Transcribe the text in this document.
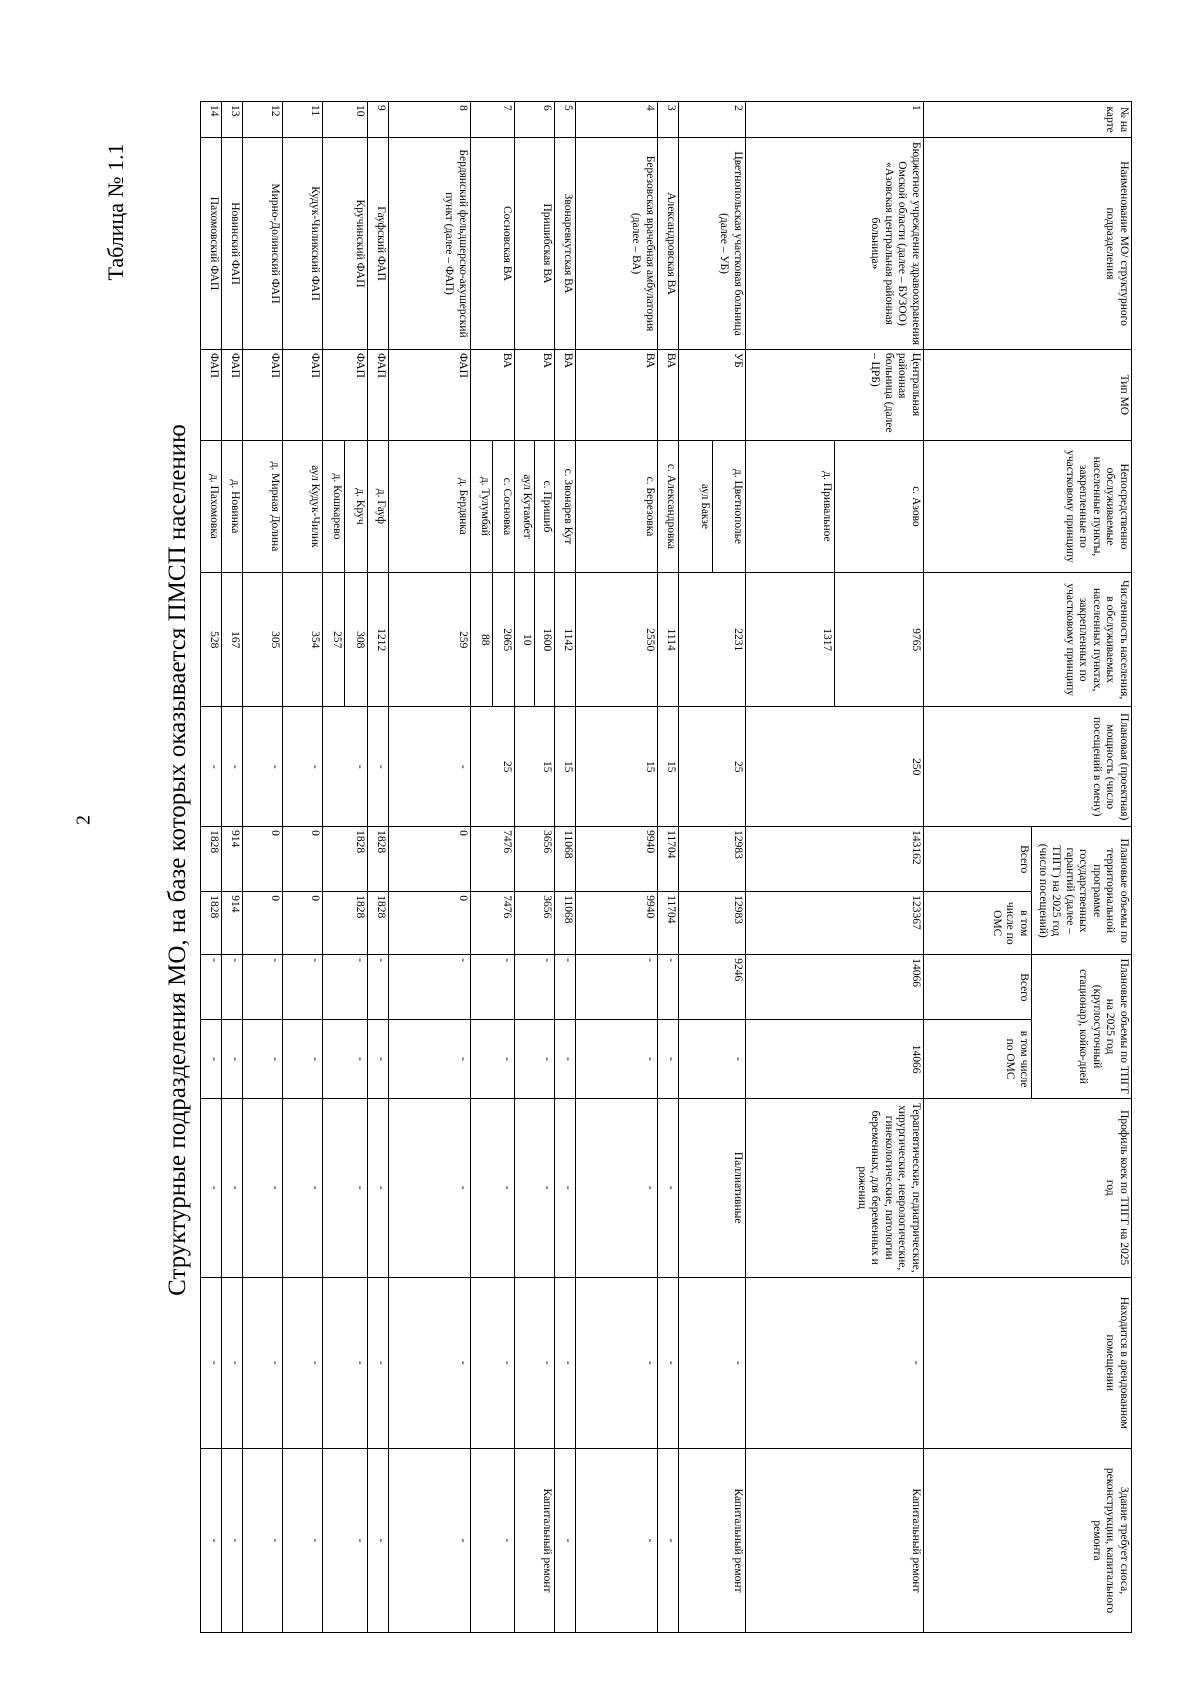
2
Таблица № 1.1
Структурные подразделения МО, на базе которых оказывается ПМСП населению
№ на карте	Наименование МО/ структурного подразделения	Тип МО	Непосредственно обслуживаемые населенные пункты, закрепленные по участковому принципу	Численность населения, в обслуживаемых населенных пунктах, закрепленных по участковому принципу	Плановая (проектная) мощность (число посещений в смену)	Плановые объемы по территориальной программе государственных гарантий (далее – ТПГГ) на 2025 год (число посещений)		Плановые объемы по ТПГГ на 2025 год (круглосуточный стационар), койко-дней		Профиль коек по ТПГГ на 2025 год	Находится в арендованном помещении	Здание требует сноса, реконструкции, капитального ремонта
						Всего	в том числе по ОМС	Всего	в том числе по ОМС			
1	Бюджетное учреждение здравоохранения Омской области (далее – БУЗОО) «Азовская центральная районная больница»	Центральная районная больница (далее – ЦРБ)	с. Азово	9765	250	143162	123367	14066	14066	Терапевтические, педиатрические, хирургические, неврологические, гинекологические, патологии беременных, для беременных и рожениц	-	Капитальный ремонт
			д. Привальное	1317								
2	Цветнопольская участковая больница (далее – УБ)	УБ	д. Цветнополье	2231	25	12983	12983	9246	-	Паллиативные	-	Капитальный ремонт
			аул Бакзе									
3	Александровская ВА	ВА	с. Александровка	1114	15	11704	11704	-	-	-	-	-
4	Березовская врачебная амбулатория (далее – ВА)	ВА	с. Березовка	2550	15	9940	9940	-	-	-	-	-
5	Звонаревкутская ВА	ВА	с. Звонарев Кут	1142	15	11068	11068	-	-	-	-	-
6	Пришибская ВА	ВА	с. Пришиб	1600	15	3656	3656	-	-	-	-	Капитальный ремонт
			аул Кутамбет	10								
7	Сосновская ВА	ВА	с. Сосновка	2065	25	7476	7476	-	-	-	-	-
			д. Тулумбай	88								
8	Бердянский фельдшерско-акушерский пункт (далее – ФАП)	ФАП	д. Бердянка	259	-	0	0	-	-	-	-	-
9	Гауфский ФАП	ФАП	д. Гауф	1212	-	1828	1828	-	-	-	-	-
10	Кручинский ФАП	ФАП	д. Круч	308	-	1828	1828	-	-	-	-	-
			д. Кошкарево	257								
11	Кудук-Чиликский ФАП	ФАП	аул Кудук-Чилик	354	-	0	0	-	-	-	-	-
12	Мирно-Долинский ФАП	ФАП	д. Мирная Долина	305	-	0	0	-	-	-	-	-
13	Новинский ФАП	ФАП	д. Новинка	167	-	914	914	-	-	-	-	-
14	Пахомовский ФАП	ФАП	д. Пахомовка	528	-	1828	1828	-	-	-	-	-
